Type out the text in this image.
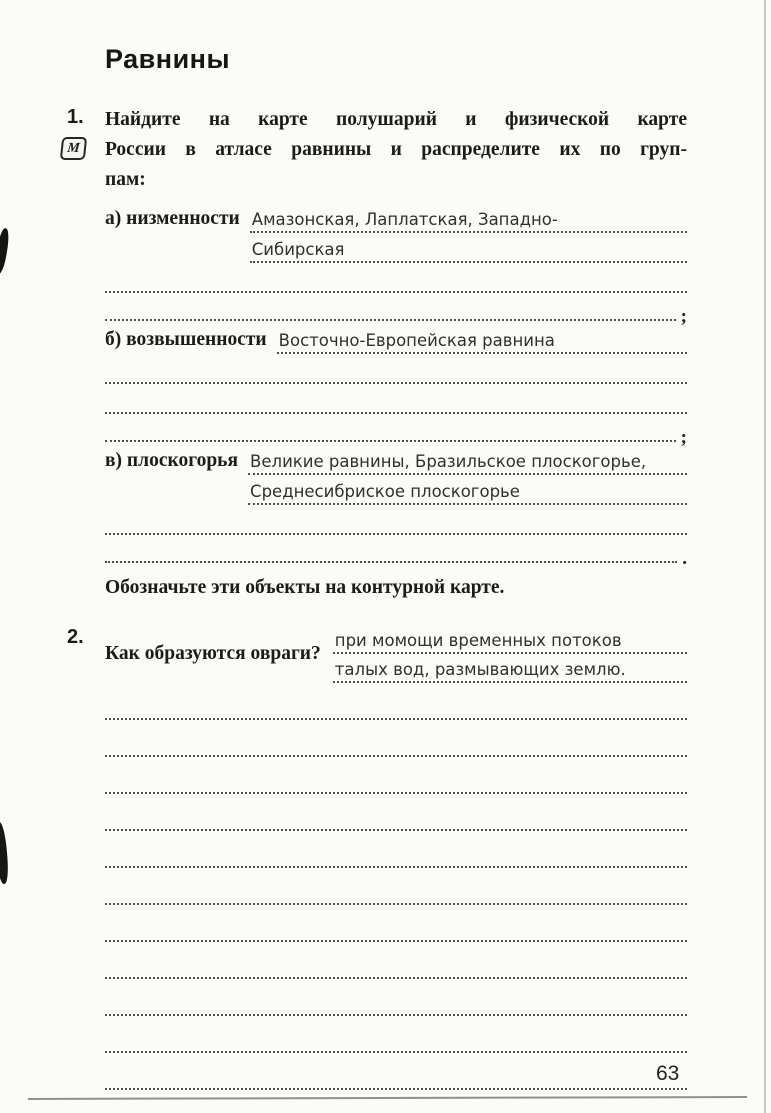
Равнины
1.
М
Найдите на карте полушарий и физической карте
России в атласе равнины и распределите их по груп-
пам:
а) низменности Амазонская, Лаплатская, Западно-
Сибирская
;
б) возвышенности Восточно-Европейская равнина
;
в) плоскогорья Великие равнины, Бразильское плоскогорье,
Среднесибриское плоскогорье
.
Обозначьте эти объекты на контурной карте.
2.
Как образуются овраги?
при момощи временных потоков
талых вод, размывающих землю.
63
